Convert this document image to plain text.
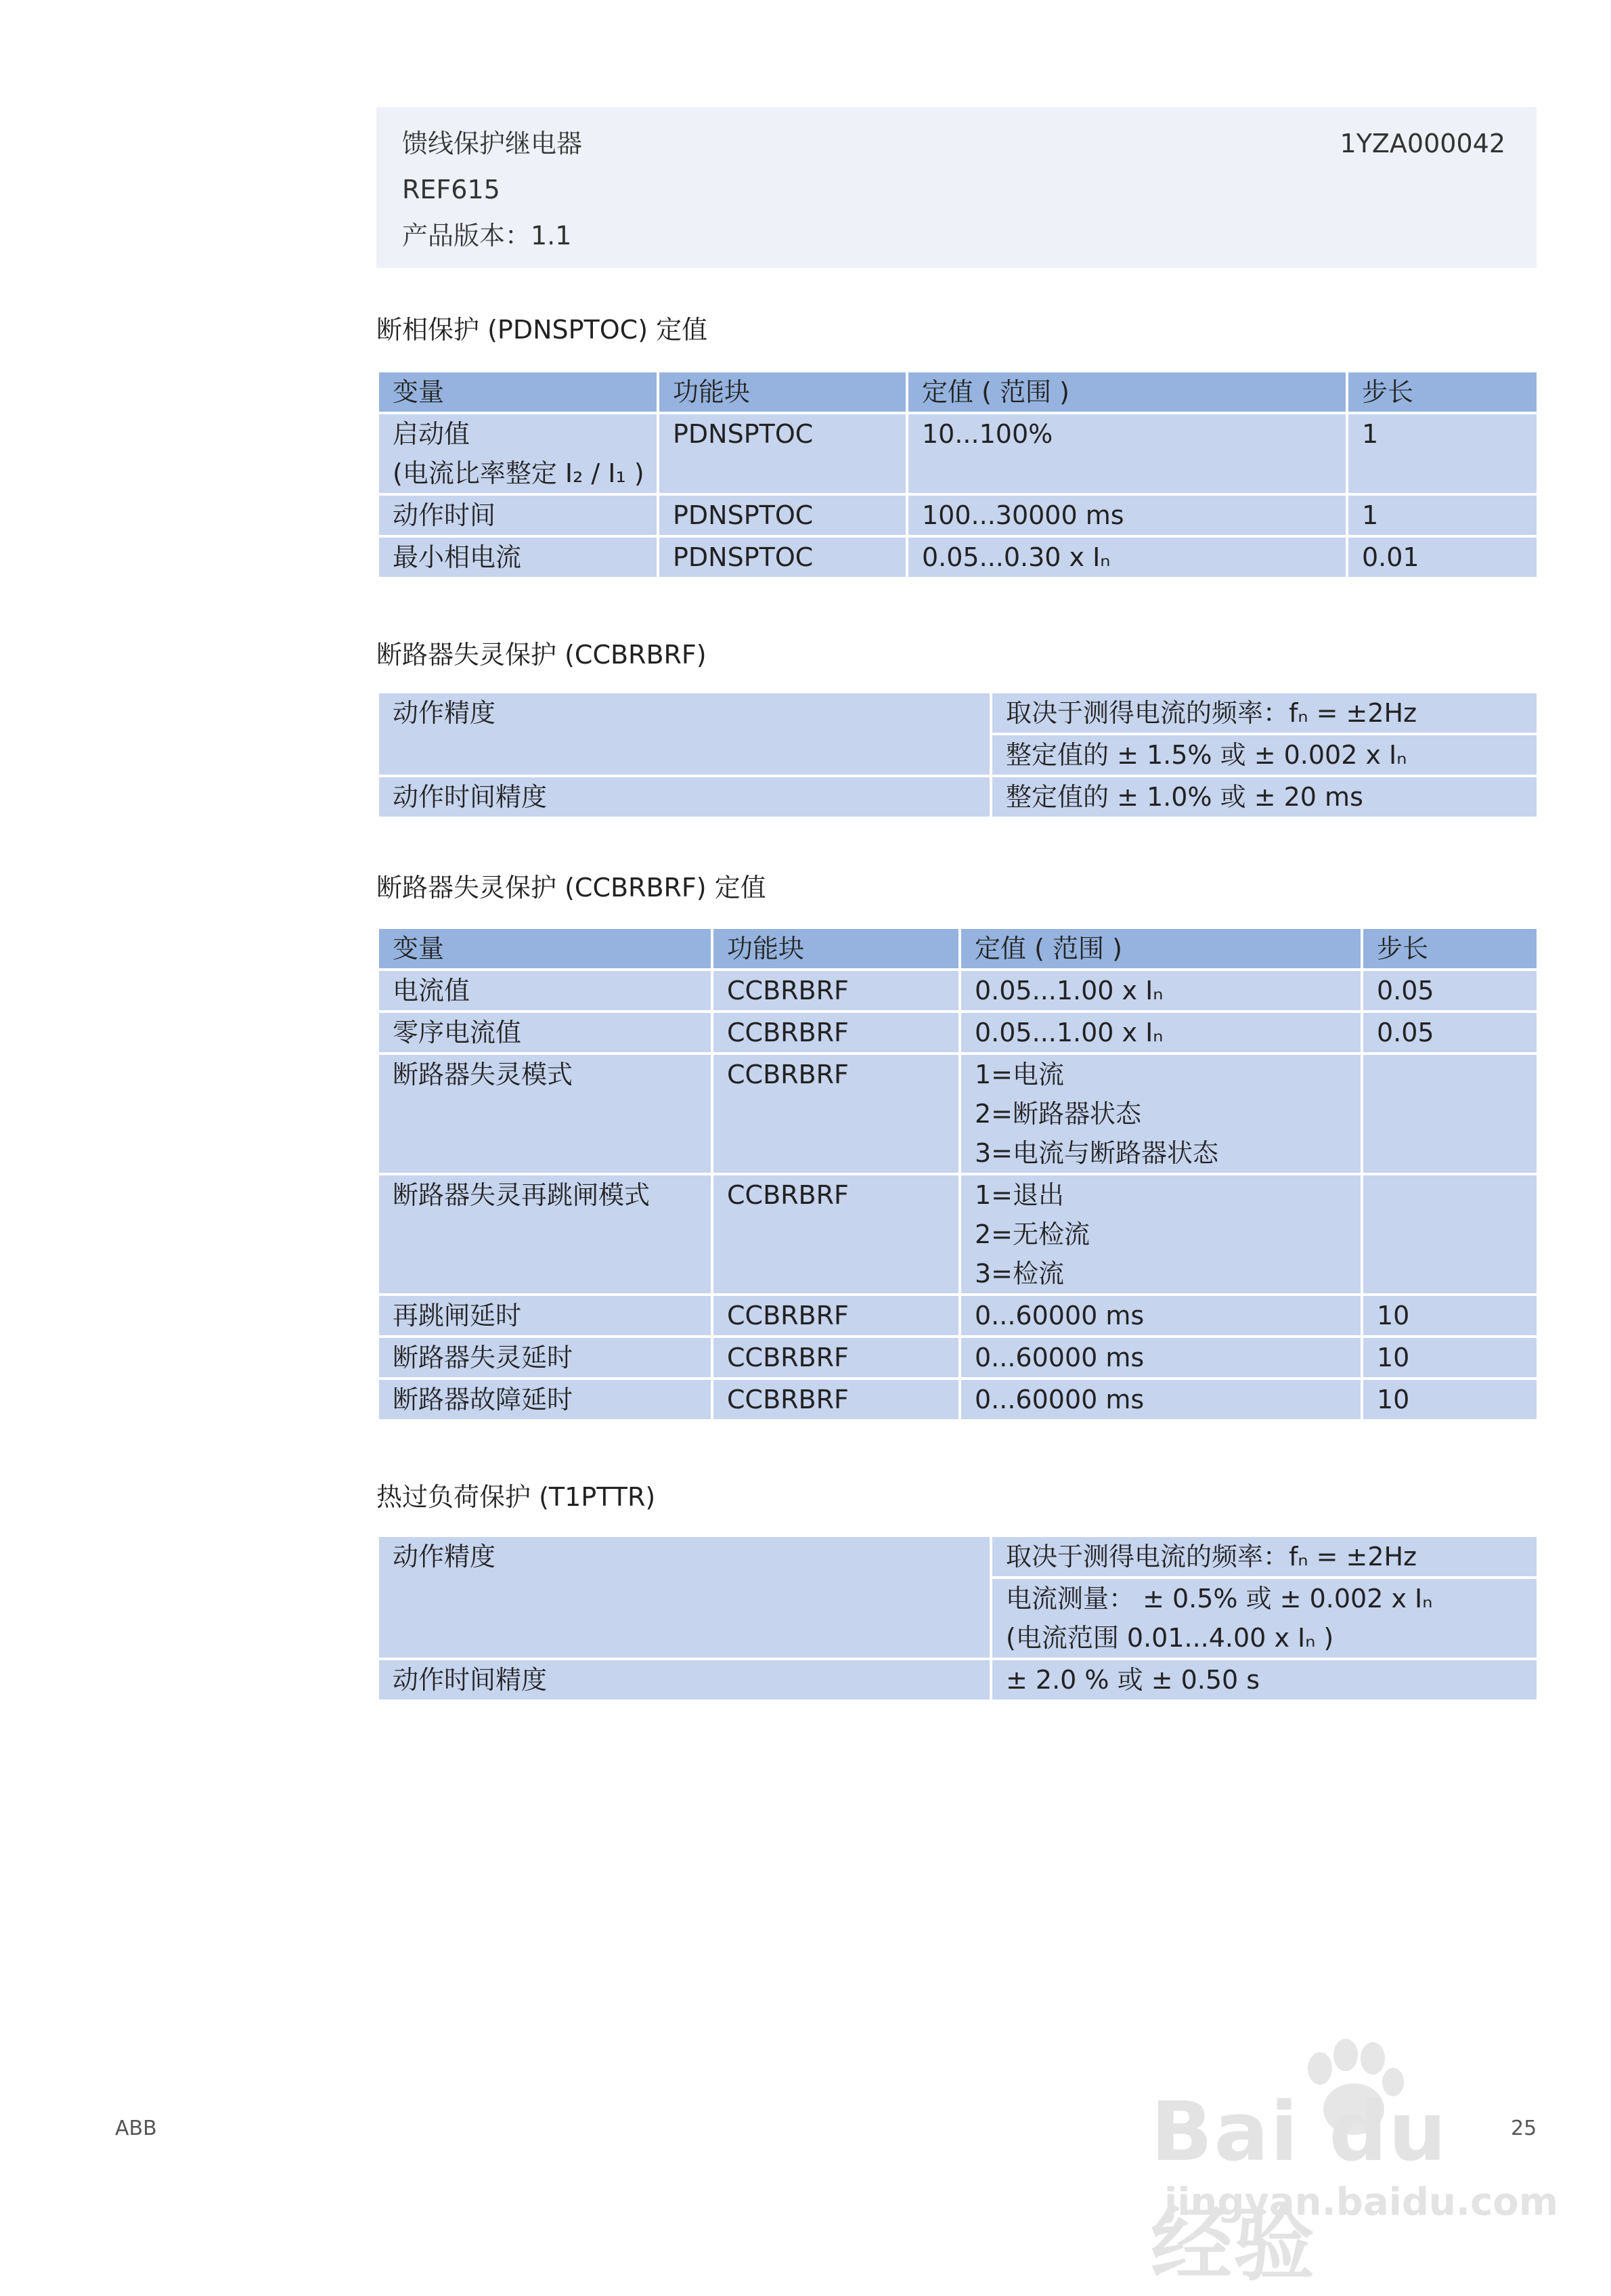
馈线保护继电器
REF615
产品版本：1.1
1YZA000042
断相保护 (PDNSPTOC) 定值
变量	功能块	定值 ( 范围 )	步长

启动值
(电流比率整定 I₂ / I₁ )	PDNSPTOC	10...100%	1
动作时间	PDNSPTOC	100...30000 ms	1
最小相电流	PDNSPTOC	0.05...0.30 x Iₙ	0.01
断路器失灵保护 (CCBRBRF)
动作精度	取决于测得电流的频率：fₙ = ±2Hz
	整定值的 ± 1.5% 或 ± 0.002 x Iₙ
动作时间精度	整定值的 ± 1.0% 或 ± 20 ms
断路器失灵保护 (CCBRBRF) 定值
变量	功能块	定值 ( 范围 )	步长
电流值	CCBRBRF	0.05...1.00 x Iₙ	0.05
零序电流值	CCBRBRF	0.05...1.00 x Iₙ	0.05
断路器失灵模式	CCBRBRF	1=电流
2=断路器状态
3=电流与断路器状态	

断路器失灵再跳闸模式	CCBRBRF	1=退出
2=无检流
3=检流	

再跳闸延时	CCBRBRF	0...60000 ms	10
断路器失灵延时	CCBRBRF	0...60000 ms	10
断路器故障延时	CCBRBRF	0...60000 ms	10
热过负荷保护 (T1PTTR)
动作精度	取决于测得电流的频率：fₙ = ±2Hz

	电流测量： ± 0.5% 或 ± 0.002 x Iₙ
(电流范围 0.01...4.00 x Iₙ )

动作时间精度	± 2.0 % 或 ± 0.50 s
ABB	25
Bai du 经验
jingyan.baidu.com
